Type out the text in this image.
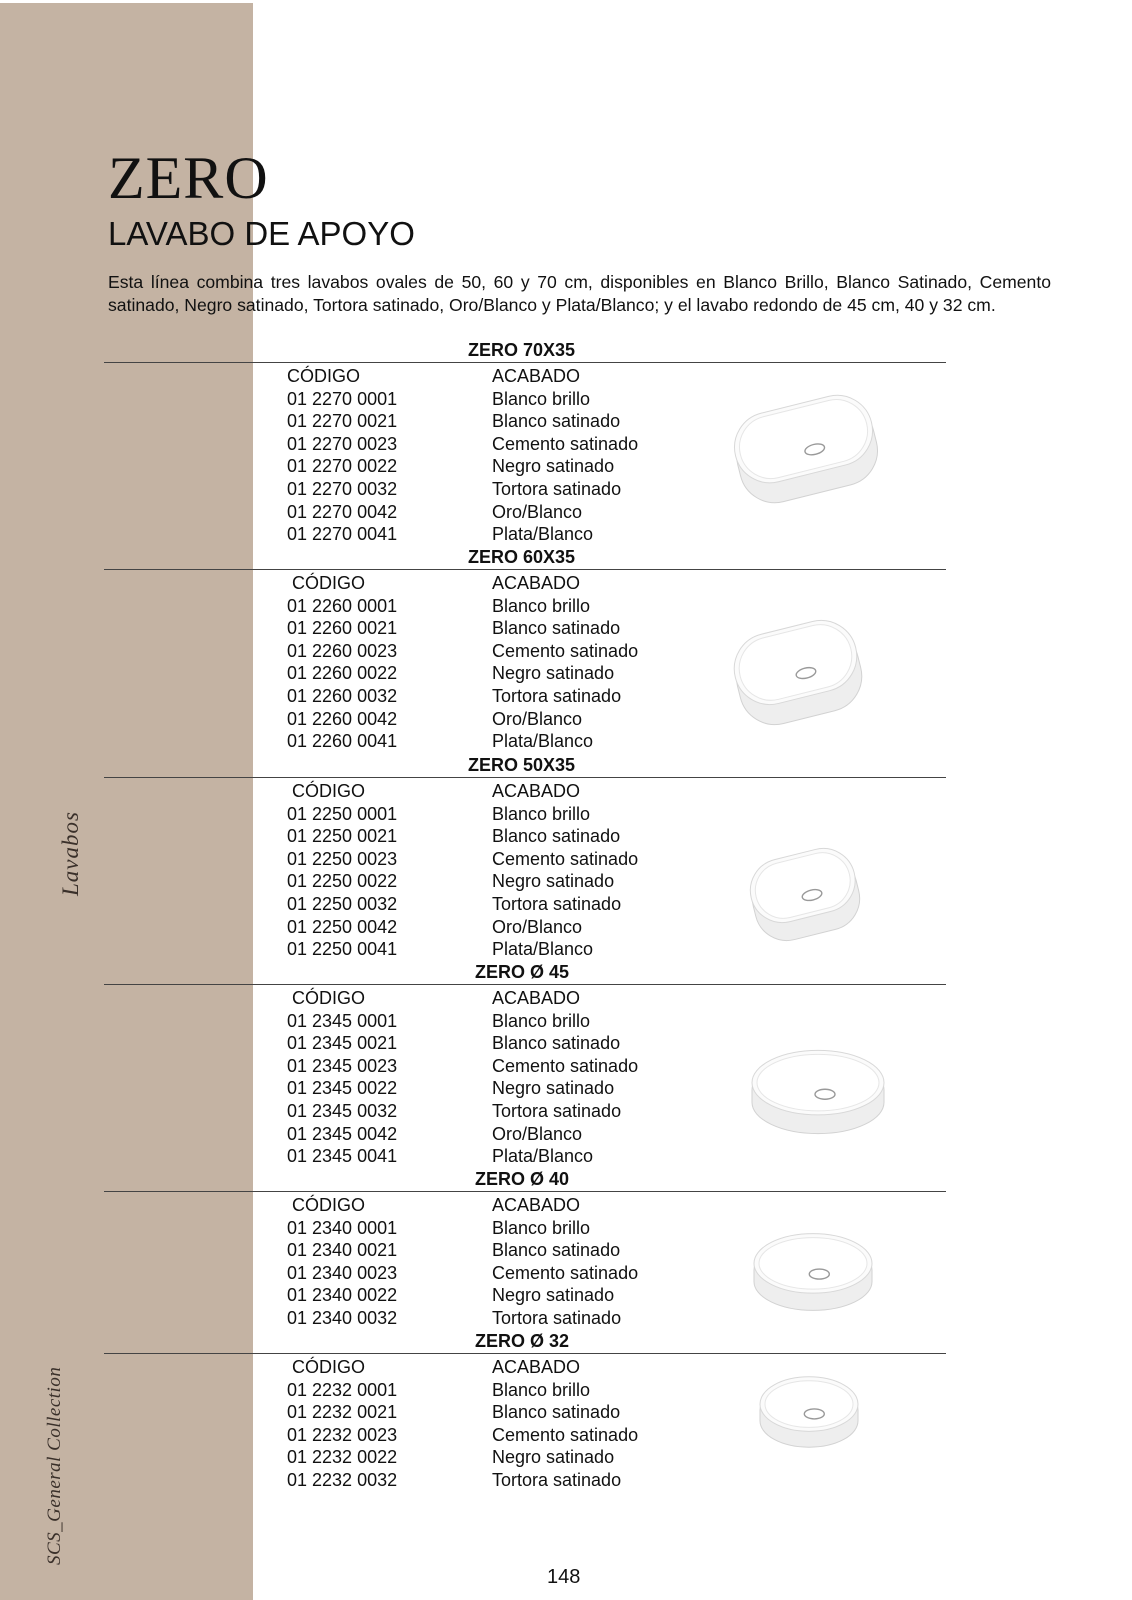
Lavabos
SCS_General Collection
ZERO
LAVABO DE APOYO

Esta línea combina tres lavabos ovales de 50, 60 y 70 cm, disponibles en Blanco Brillo, Blanco Satinado, Cemento satinado, Negro satinado, Tortora satinado, Oro/Blanco y Plata/Blanco; y el lavabo redondo de 45 cm, 40 y 32 cm.

ZERO 70X35
CÓDIGO	ACABADO
01 2270 0001	Blanco brillo
01 2270 0021	Blanco satinado
01 2270 0023	Cemento satinado
01 2270 0022	Negro satinado
01 2270 0032	Tortora satinado
01 2270 0042	Oro/Blanco
01 2270 0041	Plata/Blanco
ZERO 60X35
CÓDIGO	ACABADO
01 2260 0001	Blanco brillo
01 2260 0021	Blanco satinado
01 2260 0023	Cemento satinado
01 2260 0022	Negro satinado
01 2260 0032	Tortora satinado
01 2260 0042	Oro/Blanco
01 2260 0041	Plata/Blanco
ZERO 50X35
CÓDIGO	ACABADO
01 2250 0001	Blanco brillo
01 2250 0021	Blanco satinado
01 2250 0023	Cemento satinado
01 2250 0022	Negro satinado
01 2250 0032	Tortora satinado
01 2250 0042	Oro/Blanco
01 2250 0041	Plata/Blanco
ZERO Ø 45
CÓDIGO	ACABADO
01 2345 0001	Blanco brillo
01 2345 0021	Blanco satinado
01 2345 0023	Cemento satinado
01 2345 0022	Negro satinado
01 2345 0032	Tortora satinado
01 2345 0042	Oro/Blanco
01 2345 0041	Plata/Blanco
ZERO Ø 40
CÓDIGO	ACABADO
01 2340 0001	Blanco brillo
01 2340 0021	Blanco satinado
01 2340 0023	Cemento satinado
01 2340 0022	Negro satinado
01 2340 0032	Tortora satinado
ZERO Ø 32
CÓDIGO	ACABADO
01 2232 0001	Blanco brillo
01 2232 0021	Blanco satinado
01 2232 0023	Cemento satinado
01 2232 0022	Negro satinado
01 2232 0032	Tortora satinado
148
